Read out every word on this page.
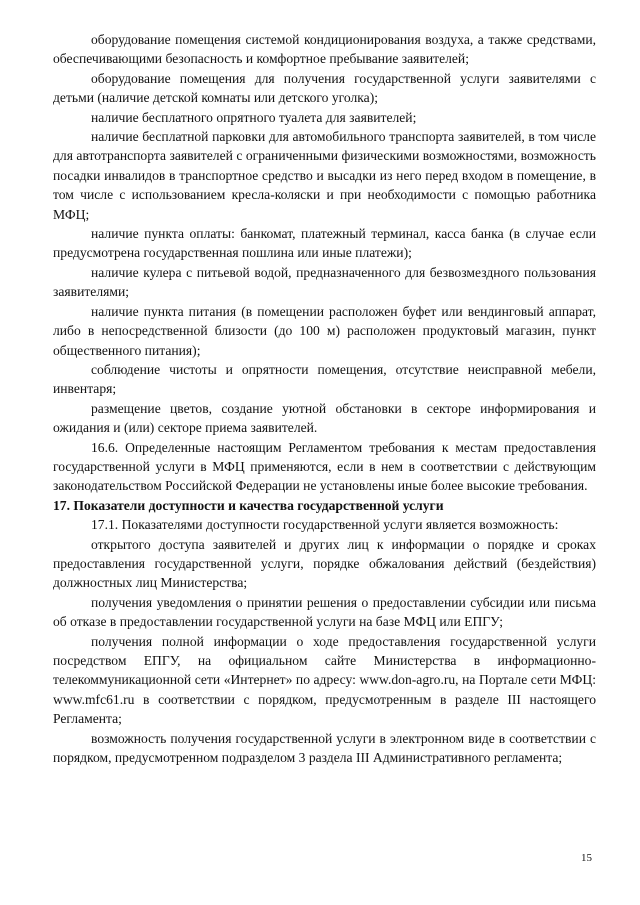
оборудование помещения системой кондиционирования воздуха, а также средствами, обеспечивающими безопасность и комфортное пребывание заявителей;

оборудование помещения для получения государственной услуги заявителями с детьми (наличие детской комнаты или детского уголка);

наличие бесплатного опрятного туалета для заявителей;

наличие бесплатной парковки для автомобильного транспорта заявителей, в том числе для автотранспорта заявителей с ограниченными физическими возможностями, возможность посадки инвалидов в транспортное средство и высадки из него перед входом в помещение, в том числе с использованием кресла-коляски и при необходимости с помощью работника МФЦ;

наличие пункта оплаты: банкомат, платежный терминал, касса банка (в случае если предусмотрена государственная пошлина или иные платежи);

наличие кулера с питьевой водой, предназначенного для безвозмездного пользования заявителями;

наличие пункта питания (в помещении расположен буфет или вендинговый аппарат, либо в непосредственной близости (до 100 м) расположен продуктовый магазин, пункт общественного питания);

соблюдение чистоты и опрятности помещения, отсутствие неисправной мебели, инвентаря;

размещение цветов, создание уютной обстановки в секторе информирования и ожидания и (или) секторе приема заявителей.

16.6. Определенные настоящим Регламентом требования к местам предоставления государственной услуги в МФЦ применяются, если в нем в соответствии с действующим законодательством Российской Федерации не установлены иные более высокие требования.

17. Показатели доступности и качества государственной услуги

17.1. Показателями доступности государственной услуги является возможность:

открытого доступа заявителей и других лиц к информации о порядке и сроках предоставления государственной услуги, порядке обжалования действий (бездействия) должностных лиц Министерства;

получения уведомления о принятии решения о предоставлении субсидии или письма об отказе в предоставлении государственной услуги на базе МФЦ или ЕПГУ;

получения полной информации о ходе предоставления государственной услуги посредством ЕПГУ, на официальном сайте Министерства в информационно-телекоммуникационной сети «Интернет» по адресу: www.don-agro.ru, на Портале сети МФЦ: www.mfc61.ru в соответствии с порядком, предусмотренным в разделе III настоящего Регламента;

возможность получения государственной услуги в электронном виде в соответствии с порядком, предусмотренном подразделом 3 раздела III Административного регламента;

15
